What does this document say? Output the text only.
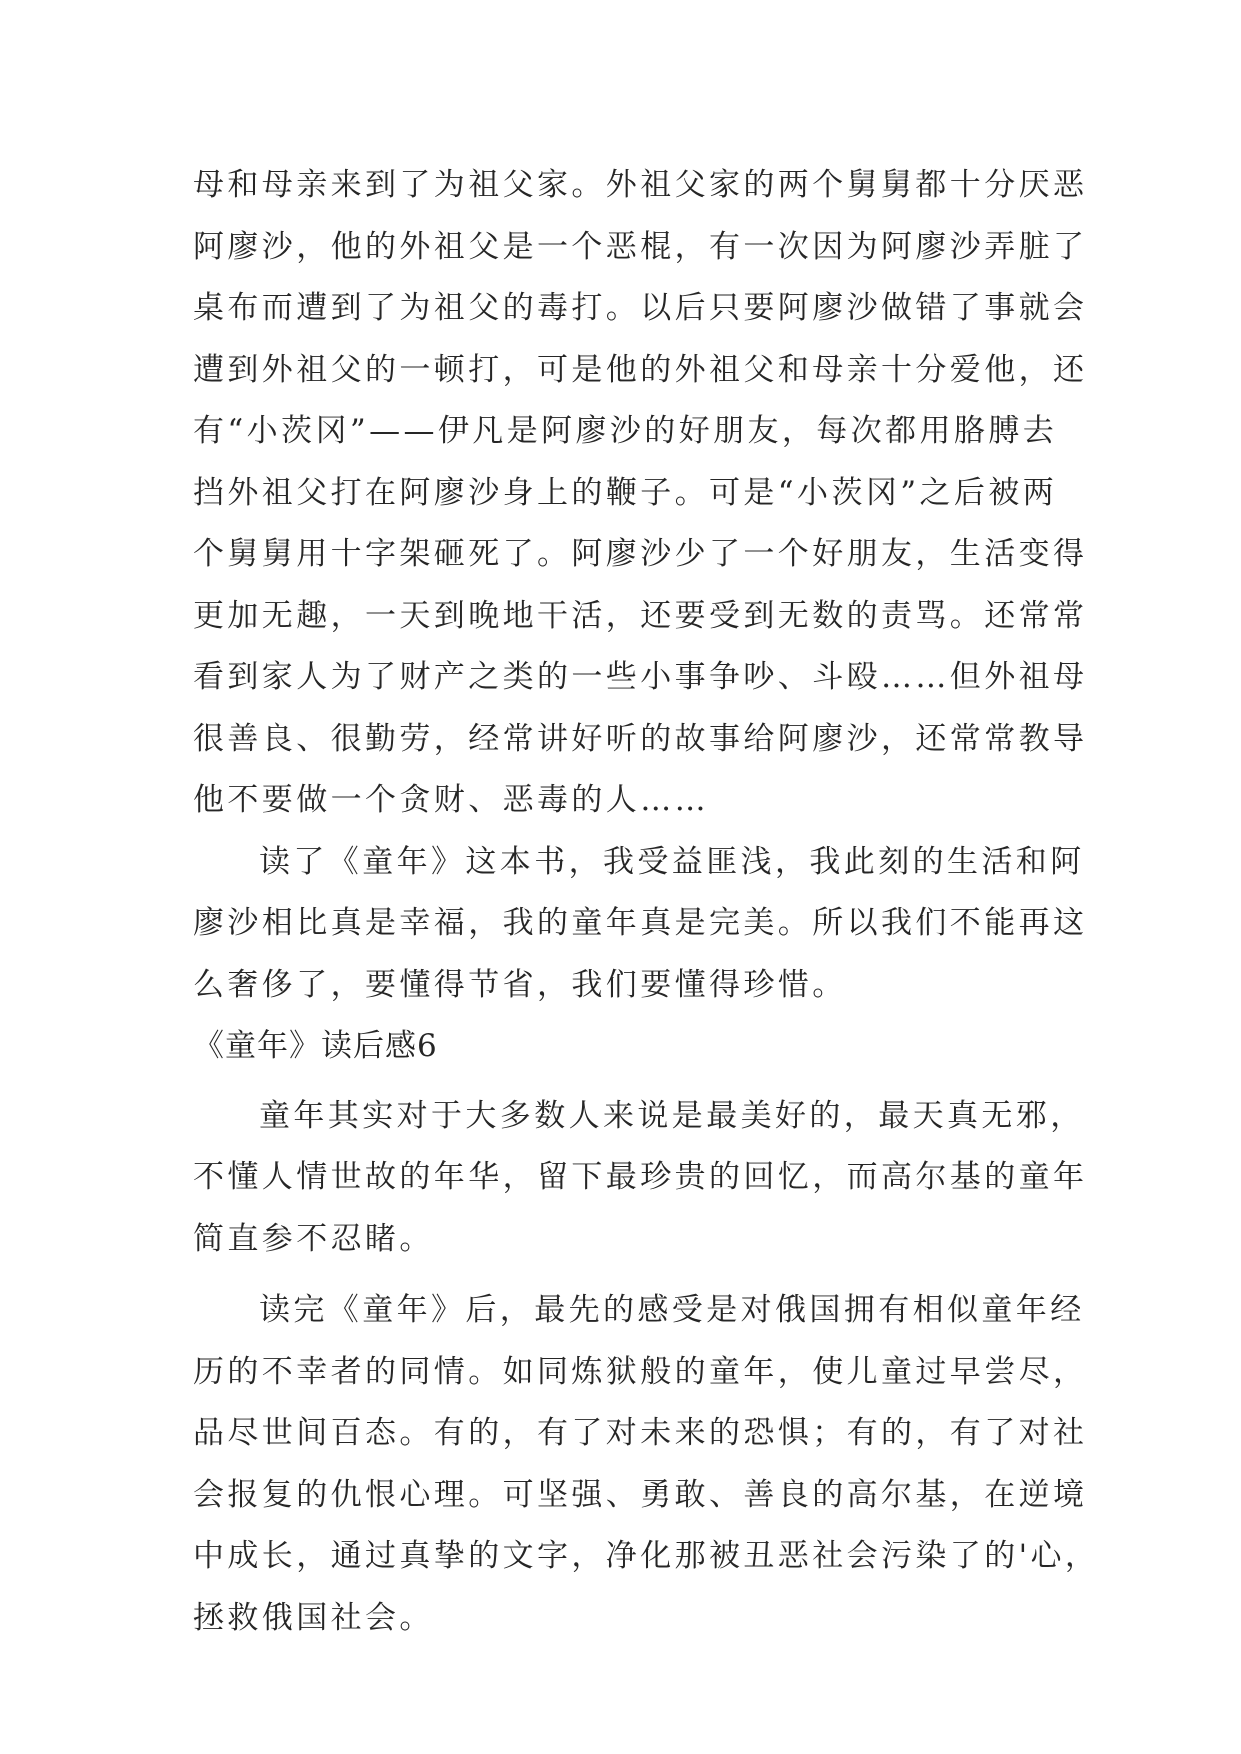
母和母亲来到了为祖父家。外祖父家的两个舅舅都十分厌恶
阿廖沙，他的外祖父是一个恶棍，有一次因为阿廖沙弄脏了
桌布而遭到了为祖父的毒打。以后只要阿廖沙做错了事就会
遭到外祖父的一顿打，可是他的外祖父和母亲十分爱他，还
有“小茨冈”——伊凡是阿廖沙的好朋友，每次都用胳膊去
挡外祖父打在阿廖沙身上的鞭子。可是“小茨冈”之后被两
个舅舅用十字架砸死了。阿廖沙少了一个好朋友，生活变得
更加无趣，一天到晚地干活，还要受到无数的责骂。还常常
看到家人为了财产之类的一些小事争吵、斗殴……但外祖母
很善良、很勤劳，经常讲好听的故事给阿廖沙，还常常教导
他不要做一个贪财、恶毒的人……
读了《童年》这本书，我受益匪浅，我此刻的生活和阿
廖沙相比真是幸福，我的童年真是完美。所以我们不能再这
么奢侈了，要懂得节省，我们要懂得珍惜。
《童年》读后感6
童年其实对于大多数人来说是最美好的，最天真无邪，
不懂人情世故的年华，留下最珍贵的回忆，而高尔基的童年
简直参不忍睹。
读完《童年》后，最先的感受是对俄国拥有相似童年经
历的不幸者的同情。如同炼狱般的童年，使儿童过早尝尽，
品尽世间百态。有的，有了对未来的恐惧；有的，有了对社
会报复的仇恨心理。可坚强、勇敢、善良的高尔基，在逆境
中成长，通过真挚的文字，净化那被丑恶社会污染了的'心，
拯救俄国社会。
